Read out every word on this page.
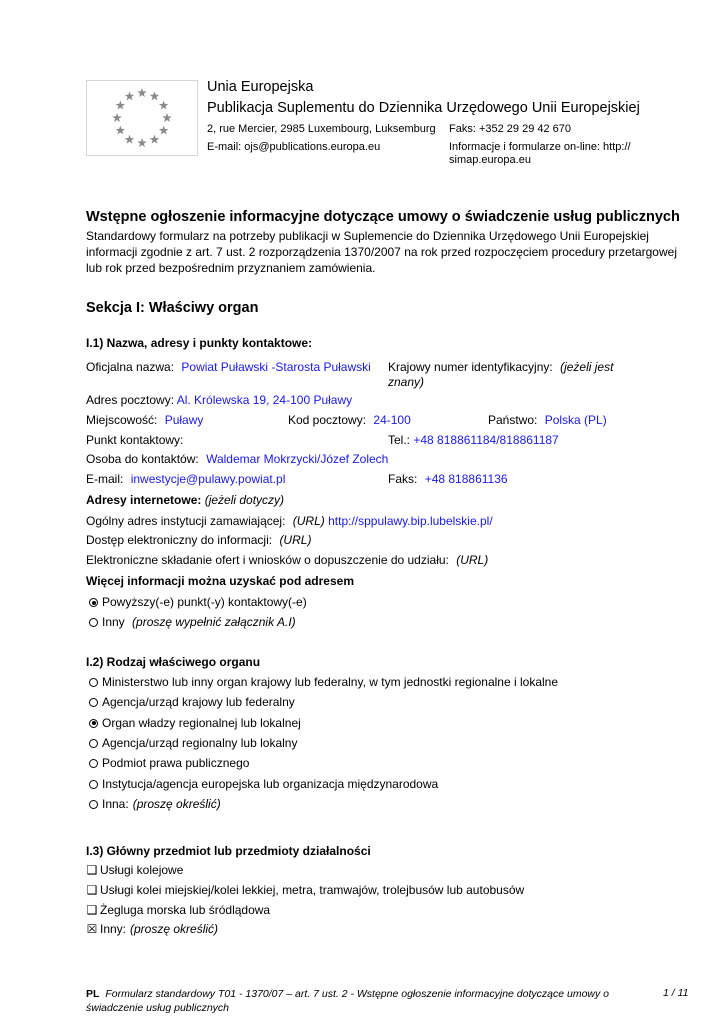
Unia Europejska
Publikacja Suplementu do Dziennika Urzędowego Unii Europejskiej
2, rue Mercier, 2985 Luxembourg, Luksemburg Faks: +352 29 29 42 670
E-mail: ojs@publications.europa.eu	Informacje i formularze on-line: http://
simap.europa.eu
Wstępne ogłoszenie informacyjne dotyczące umowy o świadczenie usług publicznych
Standardowy formularz na potrzeby publikacji w Suplemencie do Dziennika Urzędowego Unii Europejskiej informacji zgodnie z art. 7 ust. 2 rozporządzenia 1370/2007 na rok przed rozpoczęciem procedury przetargowej lub rok przed bezpośrednim przyznaniem zamówienia.
Sekcja I: Właściwy organ
I.1) Nazwa, adresy i punkty kontaktowe:
Oficjalna nazwa: Powiat Puławski -Starosta Puławski Krajowy numer identyfikacyjny: (jeżeli jest
znany)
Adres pocztowy: Al. Królewska 19, 24-100 Puławy
Miejscowość: Puławy	Kod pocztowy: 24-100	Państwo: Polska (PL)
Punkt kontaktowy:	Tel.: +48 818861184/818861187
Osoba do kontaktów: Waldemar Mokrzycki/Józef Zolech
E-mail: inwestycje@pulawy.powiat.pl	Faks: +48 818861136
Adresy internetowe: (jeżeli dotyczy)
Ogólny adres instytucji zamawiającej: (URL) http://sppulawy.bip.lubelskie.pl/
Dostęp elektroniczny do informacji: (URL)
Elektroniczne składanie ofert i wniosków o dopuszczenie do udziału: (URL)
Więcej informacji można uzyskać pod adresem
Powyższy(-e) punkt(-y) kontaktowy(-e)
Inny (proszę wypełnić załącznik A.I)
I.2) Rodzaj właściwego organu
Ministerstwo lub inny organ krajowy lub federalny, w tym jednostki regionalne i lokalne
Agencja/urząd krajowy lub federalny
Organ władzy regionalnej lub lokalnej
Agencja/urząd regionalny lub lokalny
Podmiot prawa publicznego
Instytucja/agencja europejska lub organizacja międzynarodowa
Inna: (proszę określić)
I.3) Główny przedmiot lub przedmioty działalności
❑ Usługi kolejowe
❑ Usługi kolei miejskiej/kolei lekkiej, metra, tramwajów, trolejbusów lub autobusów
❑ Żegluga morska lub śródlądowa
☒ Inny: (proszę określić)
PL Formularz standardowy T01 - 1370/07 – art. 7 ust. 2 - Wstępne ogłoszenie informacyjne dotyczące umowy o świadczenie usług publicznych
1 / 11
